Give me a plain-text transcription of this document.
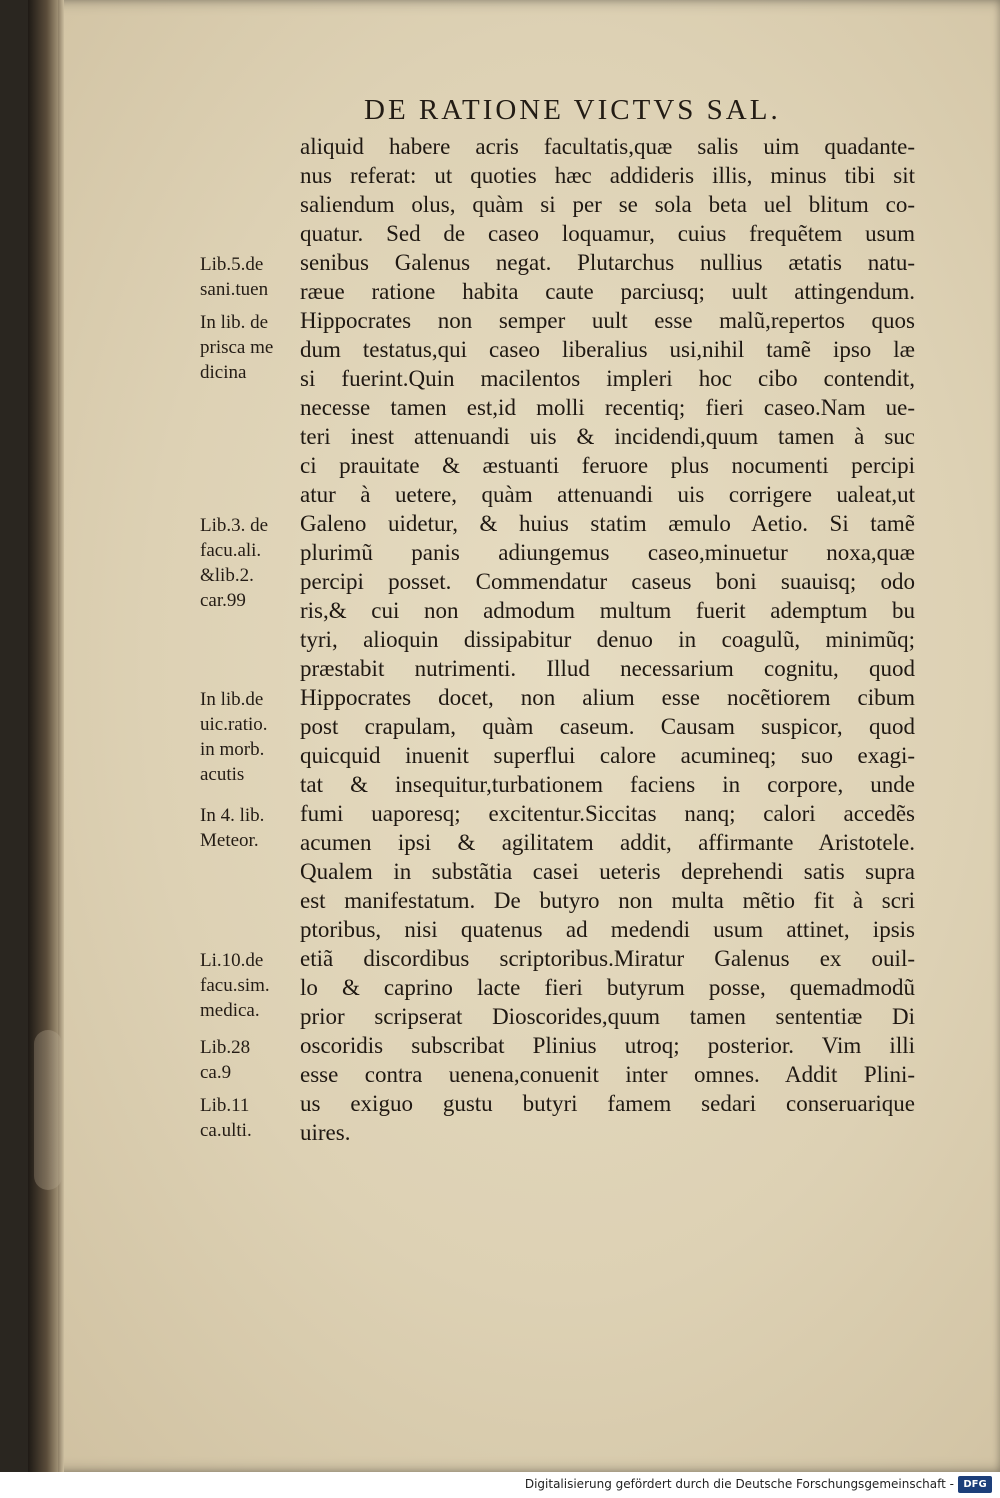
DE RATIONE VICTVS SAL.
aliquid habere acris facultatis,quæ salis uim quadante-
nus referat: ut quoties hæc addideris illis, minus tibi sit
saliendum olus, quàm si per se sola beta uel blitum co-
quatur. Sed de caseo loquamur, cuius frequẽtem usum
senibus Galenus negat. Plutarchus nullius ætatis natu-
ræue ratione habita caute parciusq; uult attingendum.
Hippocrates non semper uult esse malũ,repertos quos
dum testatus,qui caseo liberalius usi,nihil tamẽ ipso læ
si fuerint.Quin macilentos impleri hoc cibo contendit,
necesse tamen est,id molli recentiq; fieri caseo.Nam ue-
teri inest attenuandi uis & incidendi,quum tamen à suc
ci prauitate & æstuanti feruore plus nocumenti percipi
atur à uetere, quàm attenuandi uis corrigere ualeat,ut
Galeno uidetur, & huius statim æmulo Aetio. Si tamẽ
plurimũ panis adiungemus caseo,minuetur noxa,quæ
percipi posset. Commendatur caseus boni suauisq; odo
ris,& cui non admodum multum fuerit ademptum bu
tyri, alioquin dissipabitur denuo in coagulũ, minimũq;
præstabit nutrimenti. Illud necessarium cognitu, quod
Hippocrates docet, non alium esse nocẽtiorem cibum
post crapulam, quàm caseum. Causam suspicor, quod
quicquid inuenit superflui calore acumineq; suo exagi-
tat & insequitur,turbationem faciens in corpore, unde
fumi uaporesq; excitentur.Siccitas nanq; calori accedẽs
acumen ipsi & agilitatem addit, affirmante Aristotele.
Qualem in substãtia casei ueteris deprehendi satis supra
est manifestatum. De butyro non multa mẽtio fit à scri
ptoribus, nisi quatenus ad medendi usum attinet, ipsis
etiã discordibus scriptoribus.Miratur Galenus ex ouil-
lo & caprino lacte fieri butyrum posse, quemadmodũ
prior scripserat Dioscorides,quum tamen sententiæ Di
oscoridis subscribat Plinius utroq; posterior. Vim illi
esse contra uenena,conuenit inter omnes. Addit Plini-
us exiguo gustu butyri famem sedari conseruarique
uires.
Lib.5.de
sani.tuen
In lib. de
prisca me
dicina
Lib.3. de
facu.ali.
&lib.2.
car.99
In lib.de
uic.ratio.
in morb.
acutis
In 4. lib.
Meteor.
Li.10.de
facu.sim.
medica.
Lib.28
ca.9
Lib.11
ca.ulti.
Digitalisierung gefördert durch die Deutsche Forschungsgemeinschaft - DFG
